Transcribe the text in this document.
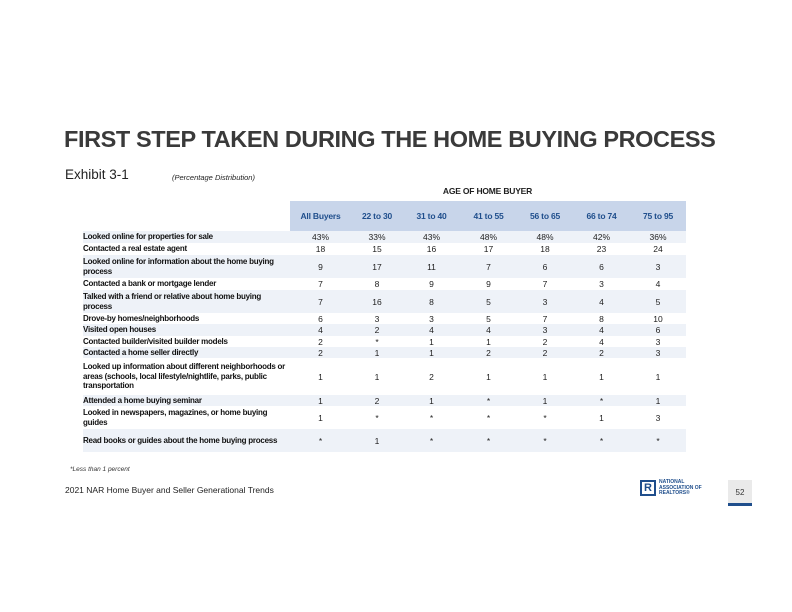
FIRST STEP TAKEN DURING THE HOME BUYING PROCESS
Exhibit 3-1	(Percentage Distribution)
AGE OF HOME BUYER
	All Buyers	22 to 30	31 to 40	41 to 55	56 to 65	66 to 74	75 to 95
Looked online for properties for sale	43%	33%	43%	48%	48%	42%	36%
Contacted a real estate agent	18	15	16	17	18	23	24
Looked online for information about the home buying process	9	17	11	7	6	6	3
Contacted a bank or mortgage lender	7	8	9	9	7	3	4
Talked with a friend or relative about home buying process	7	16	8	5	3	4	5
Drove-by homes/neighborhoods	6	3	3	5	7	8	10
Visited open houses	4	2	4	4	3	4	6
Contacted builder/visited builder models	2	*	1	1	2	4	3
Contacted a home seller directly	2	1	1	2	2	2	3
Looked up information about different neighborhoods or areas (schools, local lifestyle/nightlife, parks, public transportation	1	1	2	1	1	1	1
Attended a home buying seminar	1	2	1	*	1	*	1
Looked in newspapers, magazines, or home buying guides	1	*	*	*	*	1	3
Read books or guides about the home buying process	*	1	*	*	*	*	*
*Less than 1 percent
2021 NAR Home Buyer and Seller Generational Trends	R	NATIONAL
ASSOCIATION OF
REALTORS®	52
